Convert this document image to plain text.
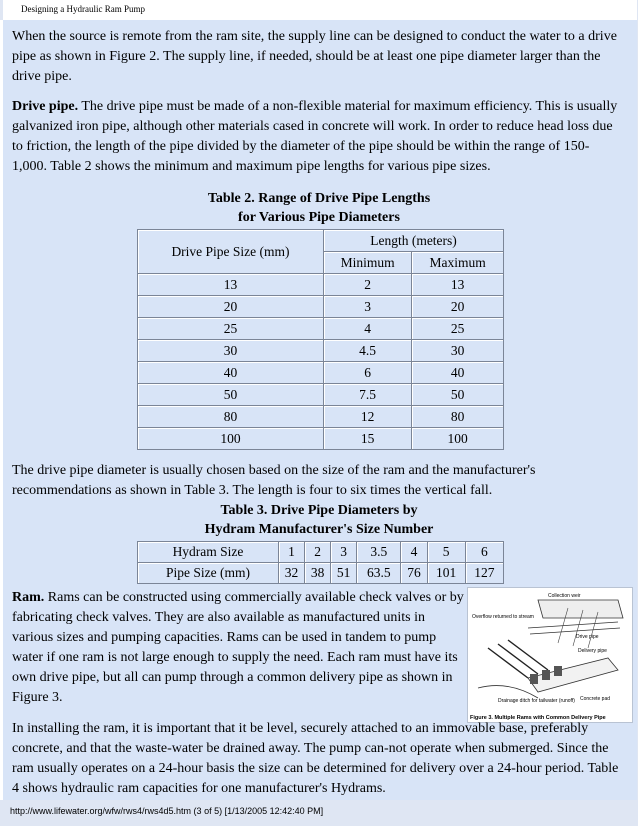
Designing a Hydraulic Ram Pump

When the source is remote from the ram site, the supply line can be designed to conduct the water to a drive pipe as shown in Figure 2. The supply line, if needed, should be at least one pipe diameter larger than the drive pipe.

Drive pipe. The drive pipe must be made of a non-flexible material for maximum efficiency. This is usually galvanized iron pipe, although other materials cased in concrete will work. In order to reduce head loss due to friction, the length of the pipe divided by the diameter of the pipe should be within the range of 150-1,000. Table 2 shows the minimum and maximum pipe lengths for various pipe sizes.

Table 2. Range of Drive Pipe Lengths
for Various Pipe Diameters
Drive Pipe Size (mm)	Length (meters)	
	Minimum	Maximum
13	2	13
20	3	20
25	4	25
30	4.5	30
40	6	40
50	7.5	50
80	12	80
100	15	100

The drive pipe diameter is usually chosen based on the size of the ram and the manufacturer's recommendations as shown in Table 3. The length is four to six times the vertical fall.

Table 3. Drive Pipe Diameters by
Hydram Manufacturer's Size Number
Hydram Size	1	2	3	3.5	4	5	6
Pipe Size (mm)	32	38	51	63.5	76	101	127

Ram. Rams can be constructed using commercially available check valves or by fabricating check valves. They are also available as manufactured units in various sizes and pumping capacities. Rams can be used in tandem to pump water if one ram is not large enough to supply the need. Each ram must have its own drive pipe, but all can pump through a common delivery pipe as shown in Figure 3.

Collection weir
Overflow returned to stream
Drive pipe
Delivery pipe
Drainage ditch for tailwater (runoff) Concrete pad
Figure 3. Multiple Rams with Common Delivery Pipe

In installing the ram, it is important that it be level, securely attached to an immovable base, preferably concrete, and that the waste-water be drained away. The pump can-not operate when submerged. Since the ram usually operates on a 24-hour basis the size can be determined for delivery over a 24-hour period. Table 4 shows hydraulic ram capacities for one manufacturer's Hydrams.

http://www.lifewater.org/wfw/rws4/rws4d5.htm (3 of 5) [1/13/2005 12:42:40 PM]
